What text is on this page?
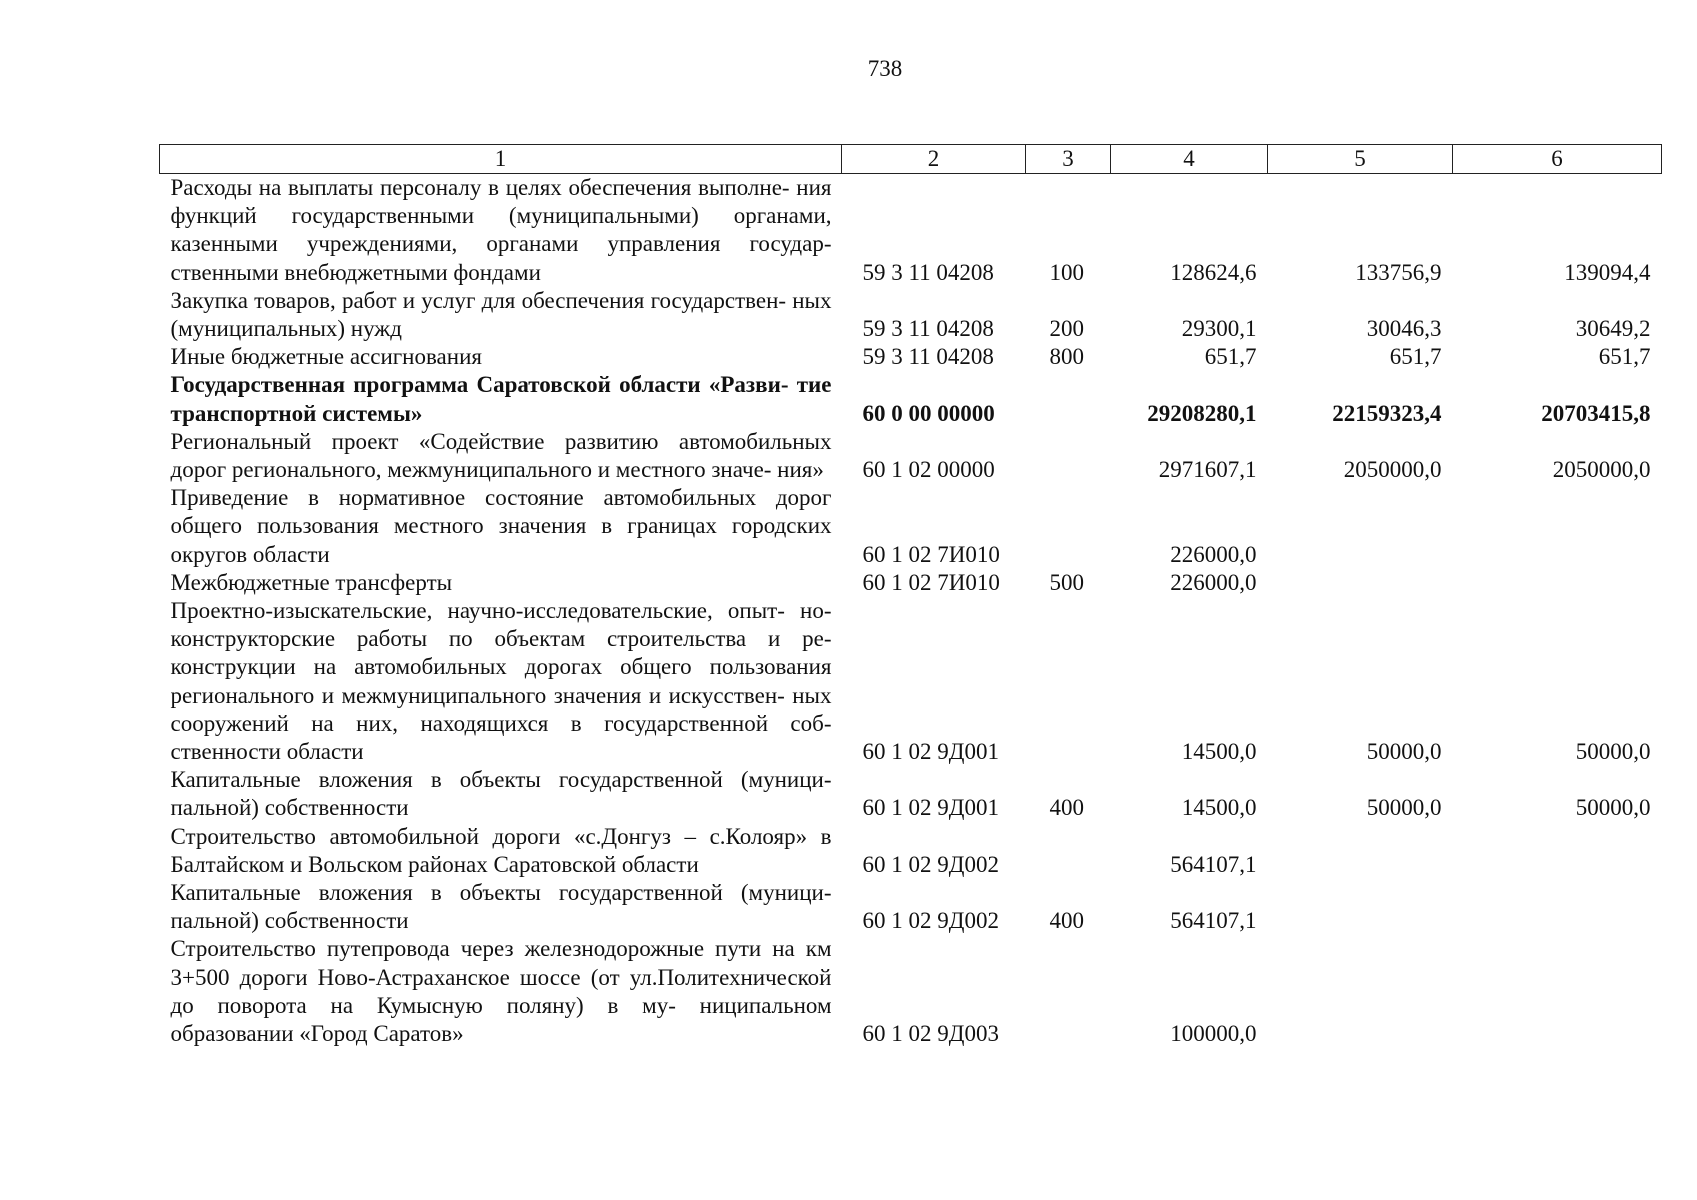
738
1	2	3	4	5	6
Расходы на выплаты персоналу в целях обеспечения выполне- ния функций государственными (муниципальными) органами, казенными учреждениями, органами управления государ- ственными внебюджетными фондами	59 3 11 04208	100	128624,6	133756,9	139094,4
Закупка товаров, работ и услуг для обеспечения государствен- ных (муниципальных) нужд	59 3 11 04208	200	29300,1	30046,3	30649,2
Иные бюджетные ассигнования	59 3 11 04208	800	651,7	651,7	651,7
Государственная программа Саратовской области «Разви- тие транспортной системы»	60 0 00 00000		29208280,1	22159323,4	20703415,8
Региональный проект «Содействие развитию автомобильных дорог регионального, межмуниципального и местного значе- ния»	60 1 02 00000		2971607,1	2050000,0	2050000,0
Приведение в нормативное состояние автомобильных дорог общего пользования местного значения в границах городских округов области	60 1 02 7И010		226000,0		
Межбюджетные трансферты	60 1 02 7И010	500	226000,0		
Проектно-изыскательские, научно-исследовательские, опыт- но-конструкторские работы по объектам строительства и ре- конструкции на автомобильных дорогах общего пользования регионального и межмуниципального значения и искусствен- ных сооружений на них, находящихся в государственной соб- ственности области	60 1 02 9Д001		14500,0	50000,0	50000,0
Капитальные вложения в объекты государственной (муници- пальной) собственности	60 1 02 9Д001	400	14500,0	50000,0	50000,0
Строительство автомобильной дороги «с.Донгуз – с.Колояр» в Балтайском и Вольском районах Саратовской области	60 1 02 9Д002		564107,1		
Капитальные вложения в объекты государственной (муници- пальной) собственности	60 1 02 9Д002	400	564107,1		
Строительство путепровода через железнодорожные пути на км 3+500 дороги Ново-Астраханское шоссе (от ул.Политехнической до поворота на Кумысную поляну) в му- ниципальном образовании «Город Саратов»	60 1 02 9Д003		100000,0		
